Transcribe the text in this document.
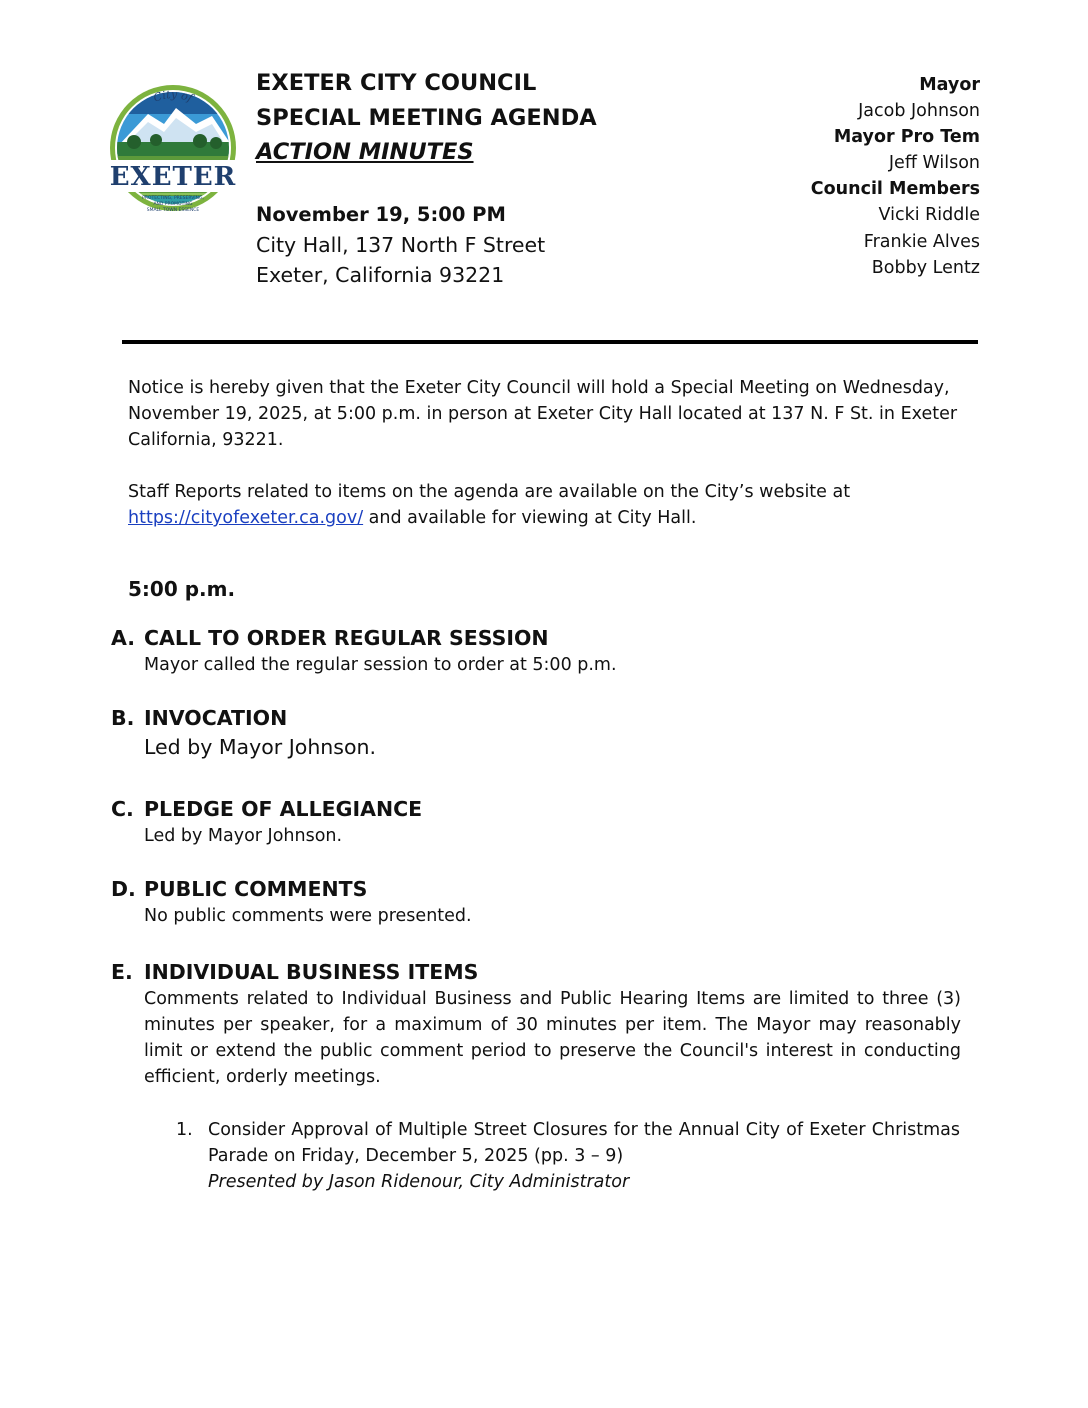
City of
EXETER
PROTECTING, PRESERVING,
AND PROMOTING
SMALL TOWN ESSENCE
EXETER CITY COUNCIL
SPECIAL MEETING AGENDA
ACTION MINUTES
November 19, 5:00 PM
City Hall, 137 North F Street
Exeter, California 93221
Mayor
Jacob Johnson
Mayor Pro Tem
Jeff Wilson
Council Members
Vicki Riddle
Frankie Alves
Bobby Lentz
Notice is hereby given that the Exeter City Council will hold a Special Meeting on Wednesday, November 19, 2025, at 5:00 p.m. in person at Exeter City Hall located at 137 N. F St. in Exeter California, 93221.
Staff Reports related to items on the agenda are available on the City’s website at
https://cityofexeter.ca.gov/ and available for viewing at City Hall.
5:00 p.m.
A. CALL TO ORDER REGULAR SESSION
Mayor called the regular session to order at 5:00 p.m.
B. INVOCATION
Led by Mayor Johnson.
C. PLEDGE OF ALLEGIANCE
Led by Mayor Johnson.
D. PUBLIC COMMENTS
No public comments were presented.
E. INDIVIDUAL BUSINESS ITEMS
Comments related to Individual Business and Public Hearing Items are limited to three (3) minutes per speaker, for a maximum of 30 minutes per item. The Mayor may reasonably limit or extend the public comment period to preserve the Council's interest in conducting efficient, orderly meetings.
1. Consider Approval of Multiple Street Closures for the Annual City of Exeter Christmas Parade on Friday, December 5, 2025 (pp. 3 – 9)
Presented by Jason Ridenour, City Administrator
